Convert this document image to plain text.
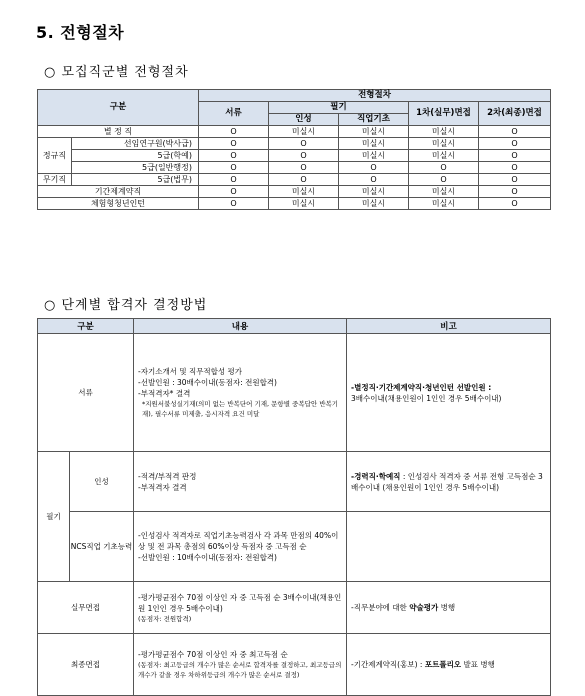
5. 전형절차
○ 모집직군별 전형절차
구분		전형절차				
		서류	필기		1차(실무)면접	2차(최종)면접
			인성	직업기초		
별 정 직		O	미실시	미실시	미실시	O
정규직	선임연구원(박사급)	O	O	미실시	미실시	O
	5급(학예)	O	O	미실시	미실시	O
	5급(일반행정)	O	O	O	O	O
무기직	5급(법무)	O	O	O	O	O
기간제계약직		O	미실시	미실시	미실시	O
체험형청년인턴		O	미실시	미실시	미실시	O
○ 단계별 합격자 결정방법
구분		내용	비고
서류		-자기소개서 및 직무적합성 평가
-선발인원 : 30배수이내(동점자: 전원합격)
-부적격자* 결격
*지원서불성실기재(의미 없는 반복단어 기재, 문항별 중복답안 반복기재), 필수서류 미제출, 응시자격 요건 미달	-별정직·기간제계약직·청년인턴 선발인원 :
3배수이내(채용인원이 1인인 경우 5배수이내)

필기	인성	-적격/부적격 판정
-부적격자 결격	-경력직·학예직 : 인성검사 적격자 중 서류 전형 고득점순 3배수이내 (채용인원이 1인인 경우 5배수이내)
	NCS직업 기초능력	-인성검사 적격자로 직업기초능력검사 각 과목 만점의 40%이상 및 전 과목 총점의 60%이상 득점자 중 고득점 순
-선발인원 : 10배수이내(동점자: 전원합격)	

실무면접		-평가평균점수 70점 이상인 자 중 고득점 순 3배수이내(채용인원 1인인 경우 5배수이내)
(동점자: 전원합격)	-직무분야에 대한 약술평가 병행
최종면접		-평가평균점수 70점 이상인 자 중 최고득점 순
(동점자: 최고등급의 개수가 많은 순서로 합격자를 결정하고, 최고등급의 개수가 같을 경우 차하위등급의 개수가 많은 순서로 결정)	-기간제계약직(홍보) : 포트폴리오 발표 병행
